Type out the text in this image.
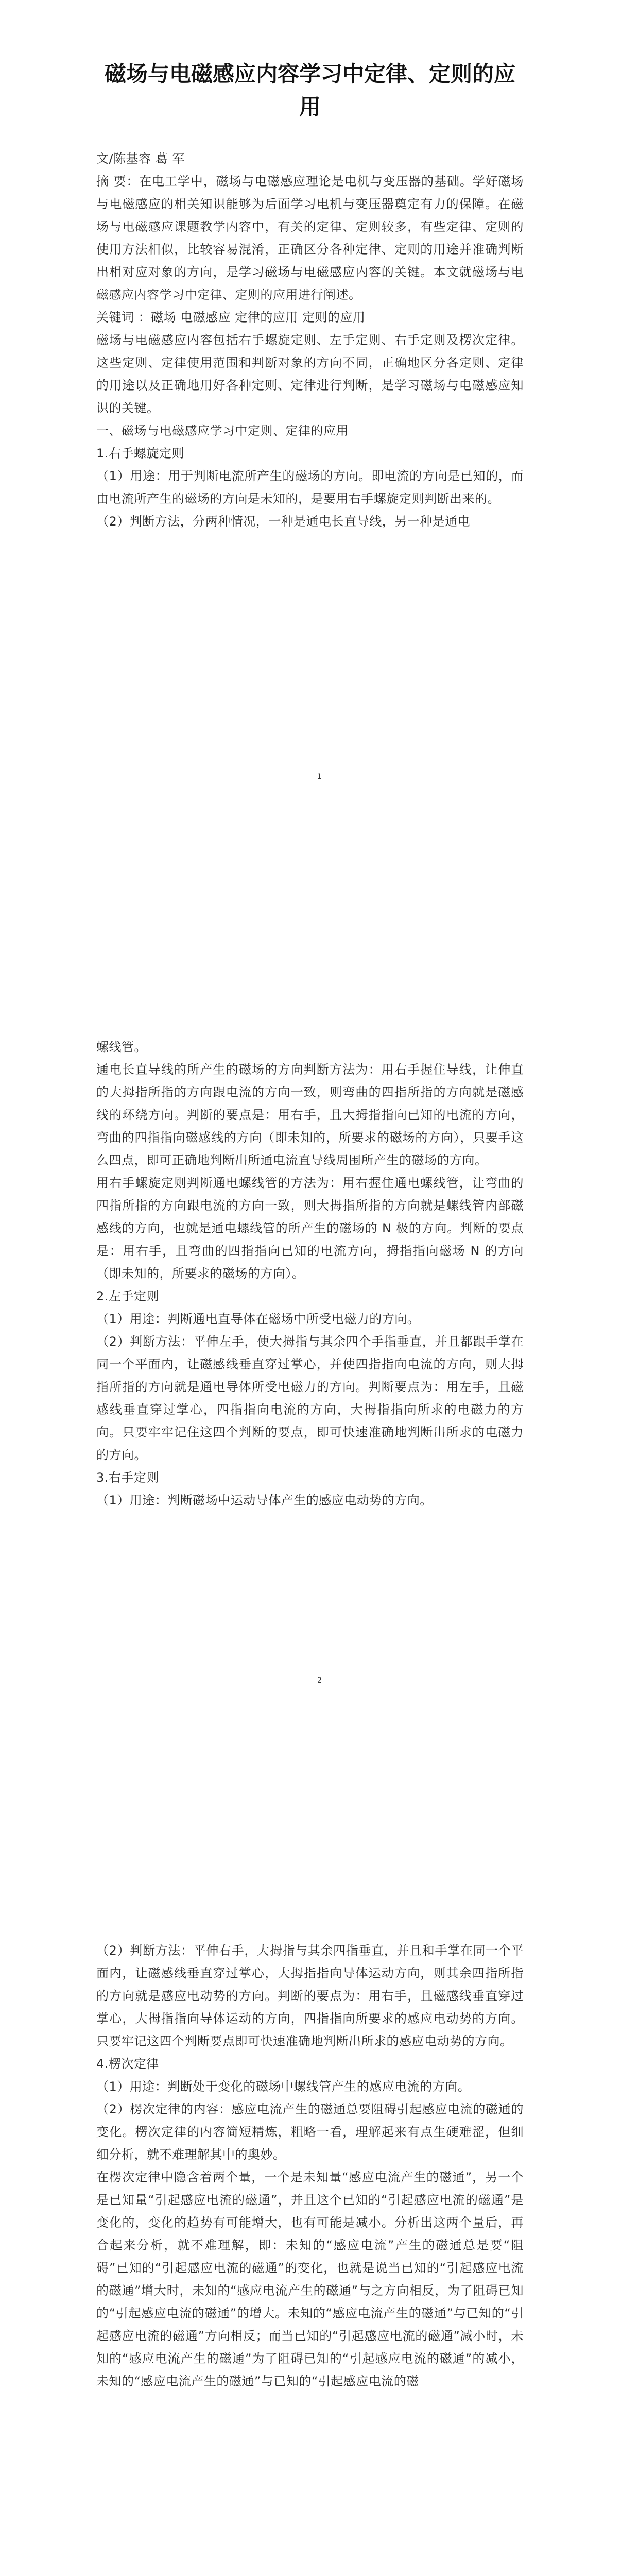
磁场与电磁感应内容学习中定律、定则的应用

文/陈基容 葛 军

摘 要：在电工学中，磁场与电磁感应理论是电机与变压器的基础。学好磁场与电磁感应的相关知识能够为后面学习电机与变压器奠定有力的保障。在磁场与电磁感应课题教学内容中，有关的定律、定则较多，有些定律、定则的使用方法相似，比较容易混淆，正确区分各种定律、定则的用途并准确判断出相对应对象的方向，是学习磁场与电磁感应内容的关键。本文就磁场与电磁感应内容学习中定律、定则的应用进行阐述。

关键词 ：磁场 电磁感应 定律的应用 定则的应用

磁场与电磁感应内容包括右手螺旋定则、左手定则、右手定则及楞次定律。这些定则、定律使用范围和判断对象的方向不同，正确地区分各定则、定律的用途以及正确地用好各种定则、定律进行判断，是学习磁场与电磁感应知识的关键。

一、磁场与电磁感应学习中定则、定律的应用

1.右手螺旋定则

（1）用途：用于判断电流所产生的磁场的方向。即电流的方向是已知的，而由电流所产生的磁场的方向是未知的，是要用右手螺旋定则判断出来的。

（2）判断方法，分两种情况，一种是通电长直导线，另一种是通电

1

螺线管。

通电长直导线的所产生的磁场的方向判断方法为：用右手握住导线，让伸直的大拇指所指的方向跟电流的方向一致，则弯曲的四指所指的方向就是磁感线的环绕方向。判断的要点是：用右手，且大拇指指向已知的电流的方向，弯曲的四指指向磁感线的方向（即未知的，所要求的磁场的方向），只要手这么四点，即可正确地判断出所通电流直导线周围所产生的磁场的方向。

用右手螺旋定则判断通电螺线管的方法为：用右握住通电螺线管，让弯曲的四指所指的方向跟电流的方向一致，则大拇指所指的方向就是螺线管内部磁感线的方向，也就是通电螺线管的所产生的磁场的 N 极的方向。判断的要点是：用右手，且弯曲的四指指向已知的电流方向，拇指指向磁场 N 的方向（即未知的，所要求的磁场的方向）。

2.左手定则

（1）用途：判断通电直导体在磁场中所受电磁力的方向。

（2）判断方法：平伸左手，使大拇指与其余四个手指垂直，并且都跟手掌在同一个平面内，让磁感线垂直穿过掌心，并使四指指向电流的方向，则大拇指所指的方向就是通电导体所受电磁力的方向。判断要点为：用左手，且磁感线垂直穿过掌心，四指指向电流的方向，大拇指指向所求的电磁力的方向。只要牢牢记住这四个判断的要点，即可快速准确地判断出所求的电磁力的方向。

3.右手定则

（1）用途：判断磁场中运动导体产生的感应电动势的方向。

2

（2）判断方法：平伸右手，大拇指与其余四指垂直，并且和手掌在同一个平面内，让磁感线垂直穿过掌心，大拇指指向导体运动方向，则其余四指所指的方向就是感应电动势的方向。判断的要点为：用右手，且磁感线垂直穿过掌心，大拇指指向导体运动的方向，四指指向所要求的感应电动势的方向。只要牢记这四个判断要点即可快速准确地判断出所求的感应电动势的方向。

4.楞次定律

（1）用途：判断处于变化的磁场中螺线管产生的感应电流的方向。

（2）楞次定律的内容：感应电流产生的磁通总要阻碍引起感应电流的磁通的变化。楞次定律的内容简短精炼，粗略一看，理解起来有点生硬难涩，但细细分析，就不难理解其中的奥妙。

在楞次定律中隐含着两个量，一个是未知量“感应电流产生的磁通”，另一个是已知量“引起感应电流的磁通”，并且这个已知的“引起感应电流的磁通”是变化的，变化的趋势有可能增大，也有可能是减小。分析出这两个量后，再合起来分析，就不难理解，即：未知的“感应电流”产生的磁通总是要“阻碍”已知的“引起感应电流的磁通”的变化，也就是说当已知的“引起感应电流的磁通”增大时，未知的“感应电流产生的磁通”与之方向相反，为了阻碍已知的“引起感应电流的磁通”的增大。未知的“感应电流产生的磁通”与已知的“引起感应电流的磁通”方向相反；而当已知的“引起感应电流的磁通”减小时，未知的“感应电流产生的磁通”为了阻碍已知的“引起感应电流的磁通”的减小，未知的“感应电流产生的磁通”与已知的“引起感应电流的磁
